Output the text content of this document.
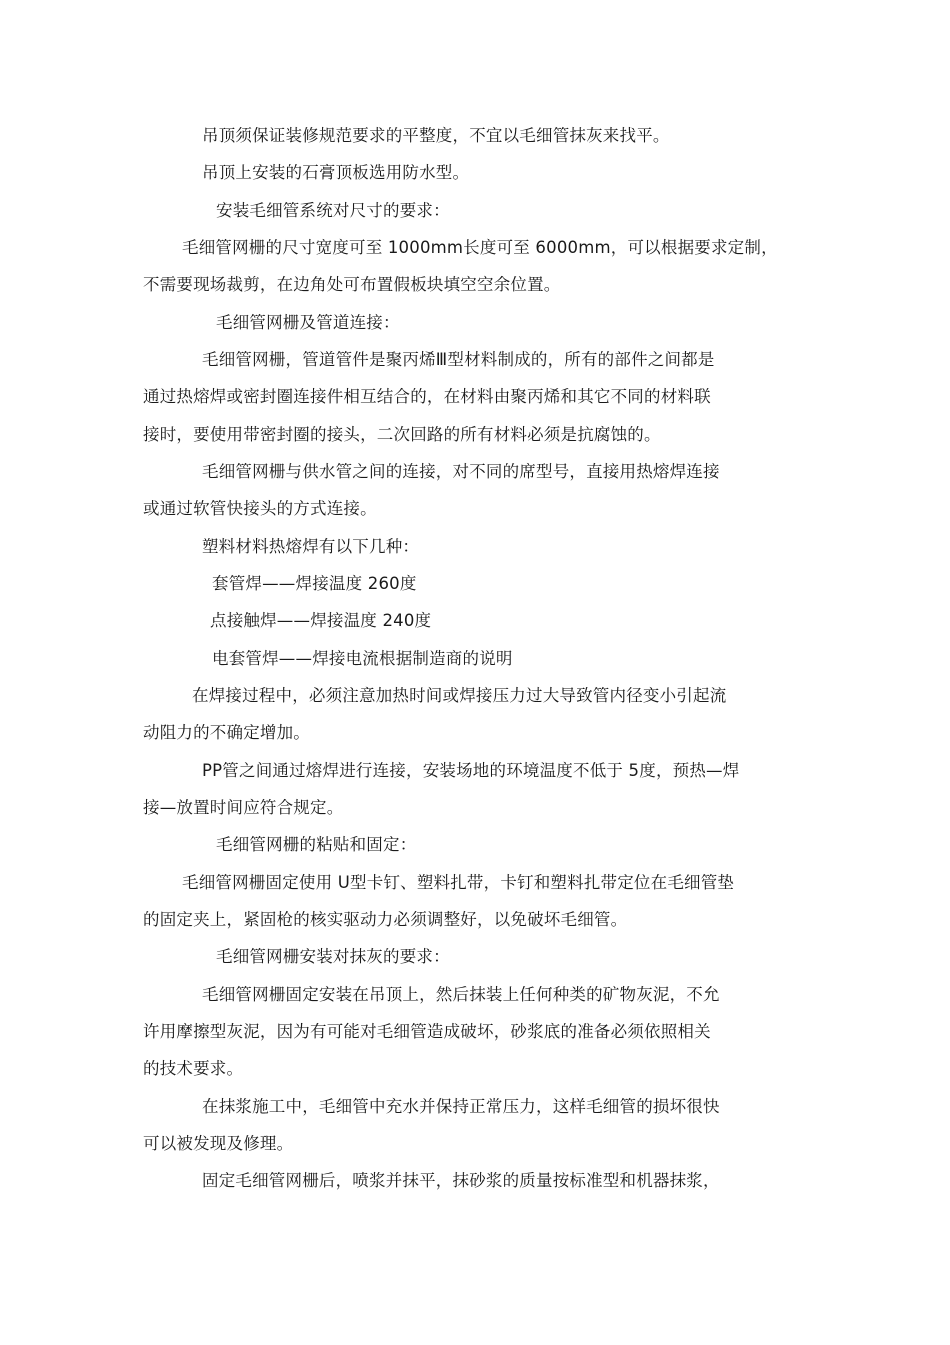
吊顶须保证装修规范要求的平整度，不宜以毛细管抹灰来找平。
吊顶上安装的石膏顶板选用防水型。
安装毛细管系统对尺寸的要求：
毛细管网栅的尺寸宽度可至 1000mm长度可至 6000mm，可以根据要求定制，
不需要现场裁剪，在边角处可布置假板块填空空余位置。
毛细管网栅及管道连接：
毛细管网栅，管道管件是聚丙烯Ⅲ型材料制成的，所有的部件之间都是
通过热熔焊或密封圈连接件相互结合的，在材料由聚丙烯和其它不同的材料联
接时，要使用带密封圈的接头，二次回路的所有材料必须是抗腐蚀的。
毛细管网栅与供水管之间的连接，对不同的席型号，直接用热熔焊连接
或通过软管快接头的方式连接。
塑料材料热熔焊有以下几种：
套管焊——焊接温度 260度
点接触焊——焊接温度 240度
电套管焊——焊接电流根据制造商的说明
在焊接过程中，必须注意加热时间或焊接压力过大导致管内径变小引起流
动阻力的不确定增加。
PP管之间通过熔焊进行连接，安装场地的环境温度不低于 5度，预热—焊
接—放置时间应符合规定。
毛细管网栅的粘贴和固定：
毛细管网栅固定使用 U型卡钉、塑料扎带，卡钉和塑料扎带定位在毛细管垫
的固定夹上，紧固枪的核实驱动力必须调整好，以免破坏毛细管。
毛细管网栅安装对抹灰的要求：
毛细管网栅固定安装在吊顶上，然后抹装上任何种类的矿物灰泥，不允
许用摩擦型灰泥，因为有可能对毛细管造成破坏，砂浆底的准备必须依照相关
的技术要求。
在抹浆施工中，毛细管中充水并保持正常压力，这样毛细管的损坏很快
可以被发现及修理。
固定毛细管网栅后，喷浆并抹平，抹砂浆的质量按标准型和机器抹浆，
